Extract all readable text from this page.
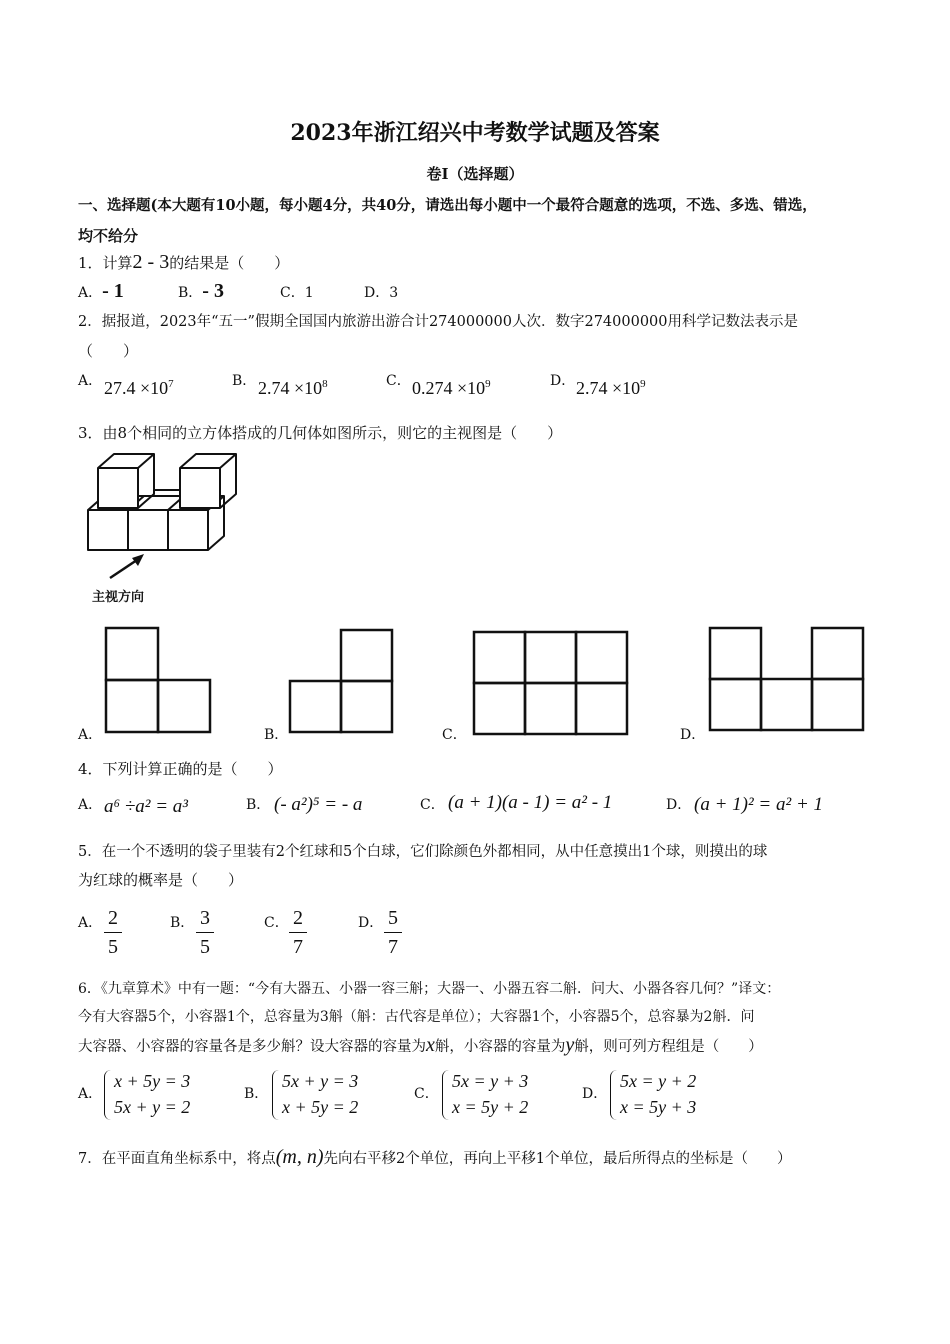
2023年浙江绍兴中考数学试题及答案
卷Ⅰ（选择题）
一、选择题(本大题有10小题，每小题4分，共40分，请选出每小题中一个最符合题意的选项，不选、多选、错选，
均不给分
1．计算2 - 3的结果是（　　）
A．- 1	B．- 3	C．1	D．3
2．据报道，2023年“五一”假期全国国内旅游出游合计274000000人次．数字274000000用科学记数法表示是
（　　）
A． $27.4 \times 10^7$	B． $2.74 \times 10^8$	C． $0.274 \times 10^9$	D． $2.74 \times 10^9$
3．由8个相同的立方体搭成的几何体如图所示，则它的主视图是（　　）
主视方向
A．	B．	C．	D．
4．下列计算正确的是（　　）
A． a⁶ ÷a² = a³	B． (- a²)⁵ = - a	C． (a + 1)(a - 1) = a² - 1	D． (a + 1)² = a² + 1
5．在一个不透明的袋子里装有2个红球和5个白球，它们除颜色外都相同，从中任意摸出1个球，则摸出的球
为红球的概率是（　　）
A． 2
5
B． 3
5
C． 2
7
D． 5
7
6．《九章算术》中有一题：“今有大器五、小器一容三斛；大器一、小器五容二斛．问大、小器各容几何？”译文：
今有大容器5个，小容器1个，总容量为3斛（斛：古代容是单位）；大容器1个，小容器5个，总容暴为2斛．问
大容器、小容器的容量各是多少斛？设大容器的容量为x斛，小容器的容量为y斛，则可列方程组是（　　）
A．
x + 5y = 3
5x + y = 2
B．
5x + y = 3
x + 5y = 2
C．
5x = y + 3
x = 5y + 2
D．
5x = y + 2
x = 5y + 3
7．在平面直角坐标系中，将点(m, n)先向右平移2个单位，再向上平移1个单位，最后所得点的坐标是（　　）
